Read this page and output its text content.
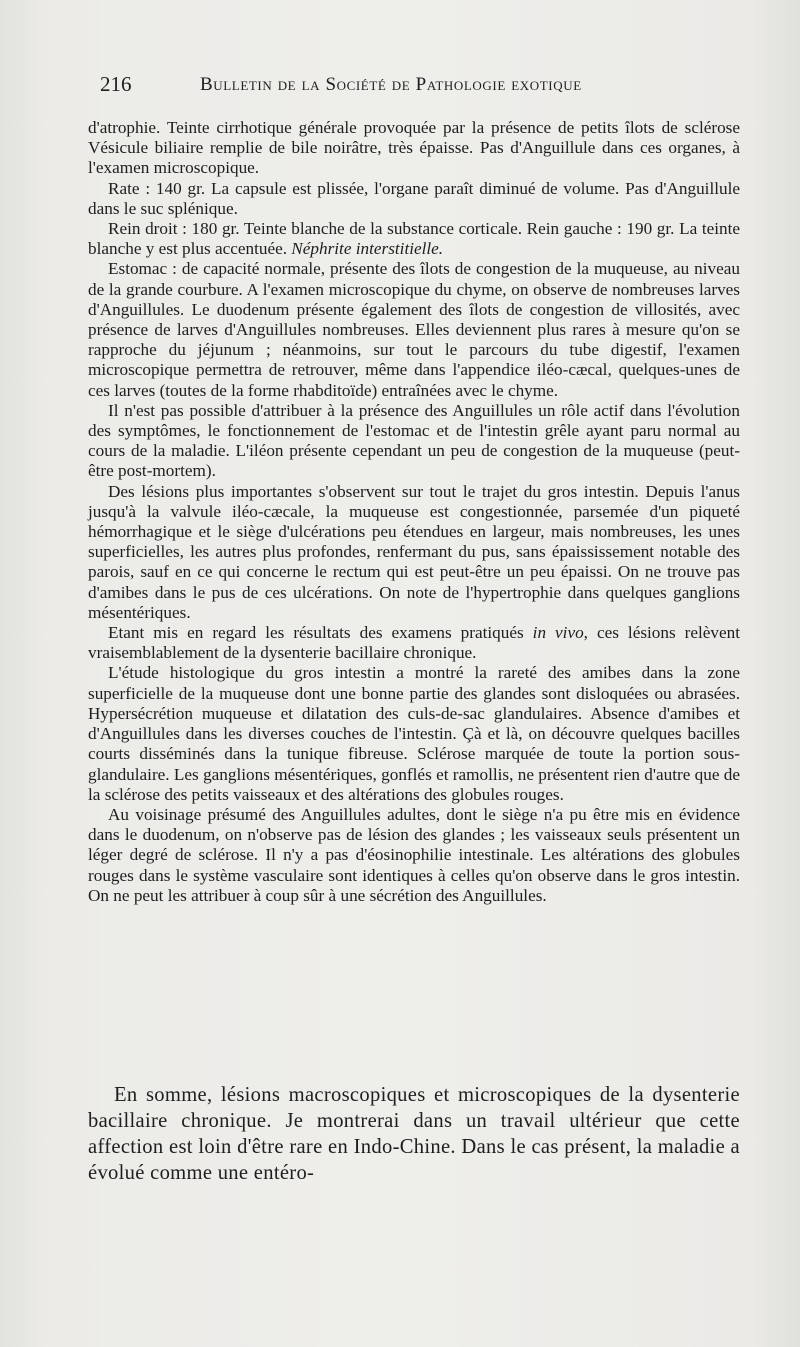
216	Bulletin de la Société de Pathologie exotique

d'atrophie. Teinte cirrhotique générale provoquée par la présence de petits îlots de sclérose Vésicule biliaire remplie de bile noirâtre, très épaisse. Pas d'Anguillule dans ces organes, à l'examen microscopique.

Rate : 140 gr. La capsule est plissée, l'organe paraît diminué de volume. Pas d'Anguillule dans le suc splénique.

Rein droit : 180 gr. Teinte blanche de la substance corticale. Rein gauche : 190 gr. La teinte blanche y est plus accentuée. Néphrite interstitielle.

Estomac : de capacité normale, présente des îlots de congestion de la muqueuse, au niveau de la grande courbure. A l'examen microscopique du chyme, on observe de nombreuses larves d'Anguillules. Le duodenum présente également des îlots de congestion de villosités, avec présence de larves d'Anguillules nombreuses. Elles deviennent plus rares à mesure qu'on se rapproche du jéjunum ; néanmoins, sur tout le parcours du tube digestif, l'examen microscopique permettra de retrouver, même dans l'appendice iléo-cæcal, quelques-unes de ces larves (toutes de la forme rhabditoïde) entraînées avec le chyme.

Il n'est pas possible d'attribuer à la présence des Anguillules un rôle actif dans l'évolution des symptômes, le fonctionnement de l'estomac et de l'intestin grêle ayant paru normal au cours de la maladie. L'iléon présente cependant un peu de congestion de la muqueuse (peut-être post-mortem).

Des lésions plus importantes s'observent sur tout le trajet du gros intestin. Depuis l'anus jusqu'à la valvule iléo-cæcale, la muqueuse est congestionnée, parsemée d'un piqueté hémorrhagique et le siège d'ulcérations peu étendues en largeur, mais nombreuses, les unes superficielles, les autres plus profondes, renfermant du pus, sans épaississement notable des parois, sauf en ce qui concerne le rectum qui est peut-être un peu épaissi. On ne trouve pas d'amibes dans le pus de ces ulcérations. On note de l'hypertrophie dans quelques ganglions mésentériques.

Etant mis en regard les résultats des examens pratiqués in vivo, ces lésions relèvent vraisemblablement de la dysenterie bacillaire chronique.

L'étude histologique du gros intestin a montré la rareté des amibes dans la zone superficielle de la muqueuse dont une bonne partie des glandes sont disloquées ou abrasées. Hypersécrétion muqueuse et dilatation des culs-de-sac glandulaires. Absence d'amibes et d'Anguillules dans les diverses couches de l'intestin. Çà et là, on découvre quelques bacilles courts disséminés dans la tunique fibreuse. Sclérose marquée de toute la portion sous-glandulaire. Les ganglions mésentériques, gonflés et ramollis, ne présentent rien d'autre que de la sclérose des petits vaisseaux et des altérations des globules rouges.

Au voisinage présumé des Anguillules adultes, dont le siège n'a pu être mis en évidence dans le duodenum, on n'observe pas de lésion des glandes ; les vaisseaux seuls présentent un léger degré de sclérose. Il n'y a pas d'éosinophilie intestinale. Les altérations des globules rouges dans le système vasculaire sont identiques à celles qu'on observe dans le gros intestin. On ne peut les attribuer à coup sûr à une sécrétion des Anguillules.

En somme, lésions macroscopiques et microscopiques de la dysenterie bacillaire chronique. Je montrerai dans un travail ultérieur que cette affection est loin d'être rare en Indo-Chine. Dans le cas présent, la maladie a évolué comme une entéro-
